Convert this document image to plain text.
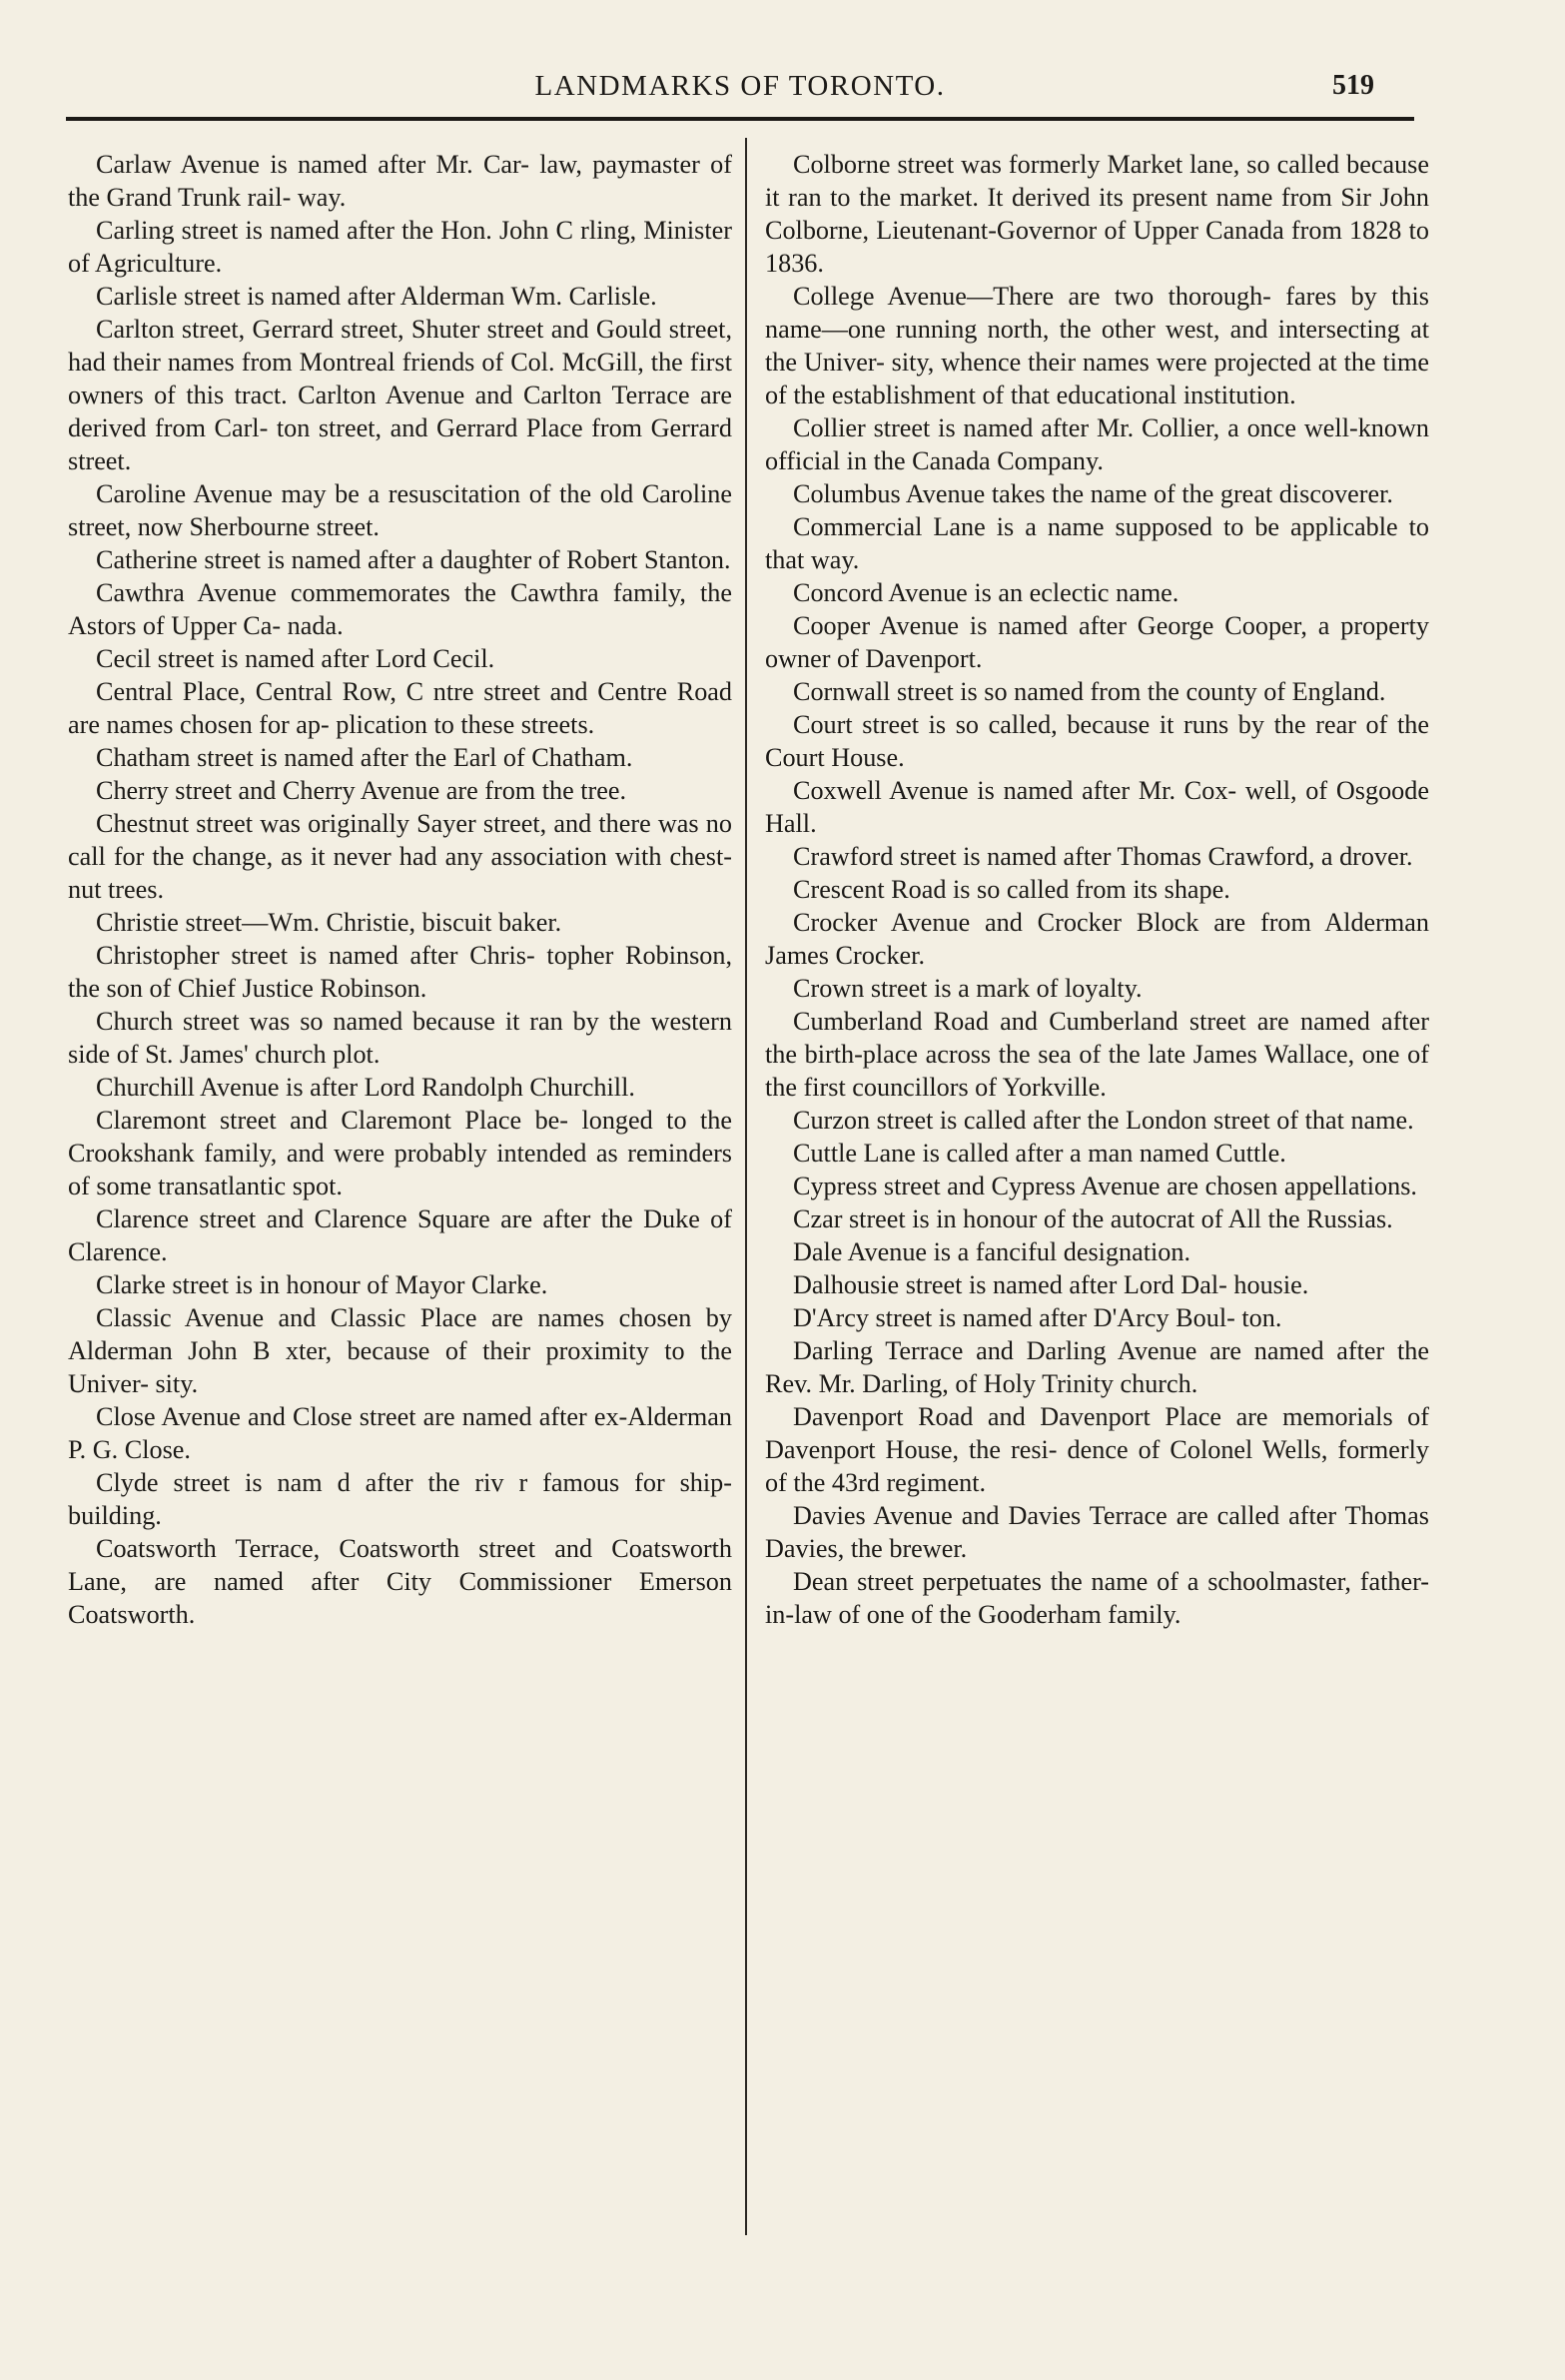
LANDMARKS OF TORONTO.	519

Carlaw Avenue is named after Mr. Car- law, paymaster of the Grand Trunk rail- way.

Carling street is named after the Hon. John C rling, Minister of Agriculture.

Carlisle street is named after Alderman Wm. Carlisle.

Carlton street, Gerrard street, Shuter street and Gould street, had their names from Montreal friends of Col. McGill, the first owners of this tract. Carlton Avenue and Carlton Terrace are derived from Carl- ton street, and Gerrard Place from Gerrard street.

Caroline Avenue may be a resuscitation of the old Caroline street, now Sherbourne street.

Catherine street is named after a daughter of Robert Stanton.

Cawthra Avenue commemorates the Cawthra family, the Astors of Upper Ca- nada.

Cecil street is named after Lord Cecil.

Central Place, Central Row, C ntre street and Centre Road are names chosen for ap- plication to these streets.

Chatham street is named after the Earl of Chatham.

Cherry street and Cherry Avenue are from the tree.

Chestnut street was originally Sayer street, and there was no call for the change, as it never had any association with chest- nut trees.

Christie street—Wm. Christie, biscuit baker.

Christopher street is named after Chris- topher Robinson, the son of Chief Justice Robinson.

Church street was so named because it ran by the western side of St. James' church plot.

Churchill Avenue is after Lord Randolph Churchill.

Claremont street and Claremont Place be- longed to the Crookshank family, and were probably intended as reminders of some transatlantic spot.

Clarence street and Clarence Square are after the Duke of Clarence.

Clarke street is in honour of Mayor Clarke.

Classic Avenue and Classic Place are names chosen by Alderman John B xter, because of their proximity to the Univer- sity.

Close Avenue and Close street are named after ex-Alderman P. G. Close.

Clyde street is nam d after the riv r famous for ship-building.

Coatsworth Terrace, Coatsworth street and Coatsworth Lane, are named after City Commissioner Emerson Coatsworth.

Colborne street was formerly Market lane, so called because it ran to the market. It derived its present name from Sir John Colborne, Lieutenant-Governor of Upper Canada from 1828 to 1836.

College Avenue—There are two thorough- fares by this name—one running north, the other west, and intersecting at the Univer- sity, whence their names were projected at the time of the establishment of that educational institution.

Collier street is named after Mr. Collier, a once well-known official in the Canada Company.

Columbus Avenue takes the name of the great discoverer.

Commercial Lane is a name supposed to be applicable to that way.

Concord Avenue is an eclectic name.

Cooper Avenue is named after George Cooper, a property owner of Davenport.

Cornwall street is so named from the county of England.

Court street is so called, because it runs by the rear of the Court House.

Coxwell Avenue is named after Mr. Cox- well, of Osgoode Hall.

Crawford street is named after Thomas Crawford, a drover.

Crescent Road is so called from its shape.

Crocker Avenue and Crocker Block are from Alderman James Crocker.

Crown street is a mark of loyalty.

Cumberland Road and Cumberland street are named after the birth-place across the sea of the late James Wallace, one of the first councillors of Yorkville.

Curzon street is called after the London street of that name.

Cuttle Lane is called after a man named Cuttle.

Cypress street and Cypress Avenue are chosen appellations.

Czar street is in honour of the autocrat of All the Russias.

Dale Avenue is a fanciful designation.

Dalhousie street is named after Lord Dal- housie.

D'Arcy street is named after D'Arcy Boul- ton.

Darling Terrace and Darling Avenue are named after the Rev. Mr. Darling, of Holy Trinity church.

Davenport Road and Davenport Place are memorials of Davenport House, the resi- dence of Colonel Wells, formerly of the 43rd regiment.

Davies Avenue and Davies Terrace are called after Thomas Davies, the brewer.

Dean street perpetuates the name of a schoolmaster, father-in-law of one of the Gooderham family.
